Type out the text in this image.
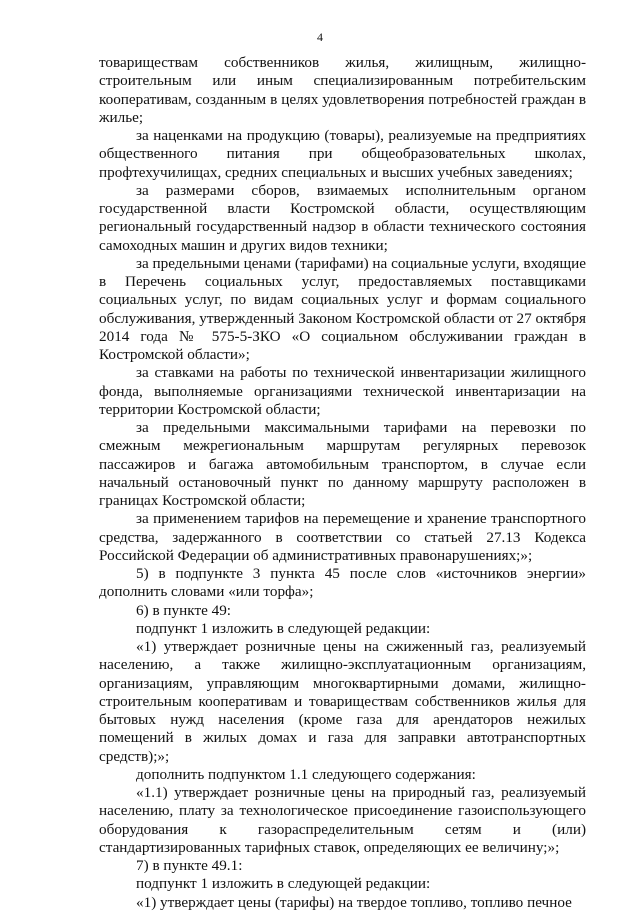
4

товариществам собственников жилья, жилищным, жилищно-строительным или иным специализированным потребительским кооперативам, созданным в целях удовлетворения потребностей граждан в жилье;

за наценками на продукцию (товары), реализуемые на предприятиях общественного питания при общеобразовательных школах, профтехучилищах, средних специальных и высших учебных заведениях;

за размерами сборов, взимаемых исполнительным органом государственной власти Костромской области, осуществляющим региональный государственный надзор в области технического состояния самоходных машин и других видов техники;

за предельными ценами (тарифами) на социальные услуги, входящие в Перечень социальных услуг, предоставляемых поставщиками социальных услуг, по видам социальных услуг и формам социального обслуживания, утвержденный Законом Костромской области от 27 октября 2014 года № 575-5-ЗКО «О социальном обслуживании граждан в Костромской области»;

за ставками на работы по технической инвентаризации жилищного фонда, выполняемые организациями технической инвентаризации на территории Костромской области;

за предельными максимальными тарифами на перевозки по смежным межрегиональным маршрутам регулярных перевозок пассажиров и багажа автомобильным транспортом, в случае если начальный остановочный пункт по данному маршруту расположен в границах Костромской области;

за применением тарифов на перемещение и хранение транспортного средства, задержанного в соответствии со статьей 27.13 Кодекса Российской Федерации об административных правонарушениях;»;

5) в подпункте 3 пункта 45 после слов «источников энергии» дополнить словами «или торфа»;

6) в пункте 49:

подпункт 1 изложить в следующей редакции:

«1) утверждает розничные цены на сжиженный газ, реализуемый населению, а также жилищно-эксплуатационным организациям, организациям, управляющим многоквартирными домами, жилищно-строительным кооперативам и товариществам собственников жилья для бытовых нужд населения (кроме газа для арендаторов нежилых помещений в жилых домах и газа для заправки автотранспортных средств);»;

дополнить подпунктом 1.1 следующего содержания:

«1.1) утверждает розничные цены на природный газ, реализуемый населению, плату за технологическое присоединение газоиспользующего оборудования к газораспределительным сетям и (или) стандартизированных тарифных ставок, определяющих ее величину;»;

7) в пункте 49.1:

подпункт 1 изложить в следующей редакции:

«1) утверждает цены (тарифы) на твердое топливо, топливо печное
